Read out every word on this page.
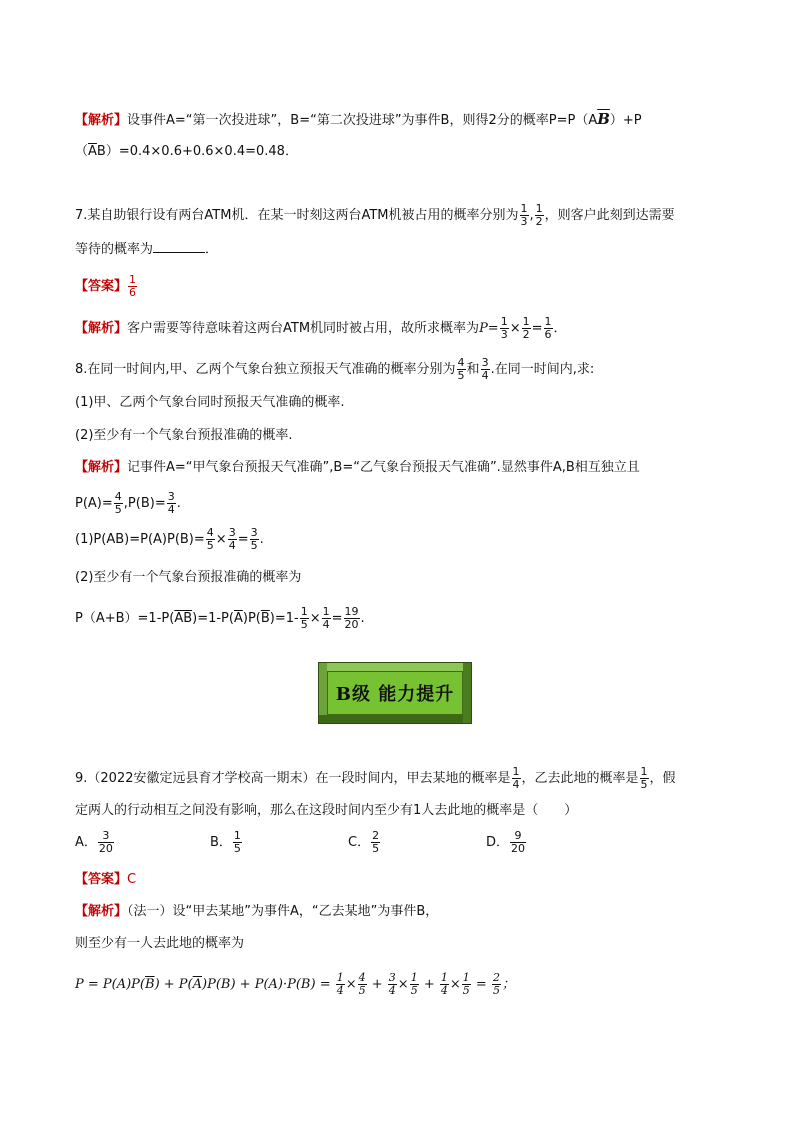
【解析】设事件A=“第一次投进球”，B=“第二次投进球”为事件B，则得2分的概率$P=P(A\overline{B})+P$
$(\overline{A}B)=0.4\times 0.6+0.6\times 0.4=0.48$．
7.某自助银行设有两台ATM机．在某一时刻这两台ATM机被占用的概率分别为 $\frac{1}{3}$ , $\frac{1}{2}$ ，则客户此刻到达需要
等待的概率为	．
【答案】 $\frac{1}{6}$
【解析】客户需要等待意味着这两台ATM机同时被占用，故所求概率为$P= \frac{1}{3} \times \frac{1}{2} = \frac{1}{6}$ ．
8.在同一时间内,甲、乙两个气象台独立预报天气准确的概率分别为 $\frac{4}{5}$ 和 $\frac{3}{4}$ .在同一时间内,求:
(1)甲、乙两个气象台同时预报天气准确的概率.
(2)至少有一个气象台预报准确的概率.
【解析】记事件A=“甲气象台预报天气准确”,B=“乙气象台预报天气准确”.显然事件A,B相互独立且
$P(A)= \frac{4}{5} ,P(B)= \frac{3}{4}$ .
$(1)P(AB)=P(A)P(B)= \frac{4}{5} \times \frac{3}{4} = \frac{3}{5}$ .
(2)至少有一个气象台预报准确的概率为
$P(A+B)=1-P(\overline{AB})=1-P(\overline{A})P(\overline{B})=1- \frac{1}{5} \times \frac{1}{4} = \frac{19}{20}$ .
B级 能力提升
9.（2022安徽定远县育才学校高一期末）在一段时间内，甲去某地的概率是 $\frac{1}{4}$ ，乙去此地的概率是 $\frac{1}{5}$ ，假
定两人的行动相互之间没有影响，那么在这段时间内至少有1人去此地的概率是（　　）
A． $\frac{3}{20}$	B． $\frac{1}{5}$	C． $\frac{2}{5}$	D． $\frac{9}{20}$
【答案】C
【解析】（法一）设“甲去某地”为事件A，“乙去某地”为事件B，
则至少有一人去此地的概率为
$P = P(A)P(\overline{B}) + P(\overline{A})P(B) + P(A)\cdot P(B) = \frac{1}{4} \times \frac{4}{5} + \frac{3}{4} \times \frac{1}{5} + \frac{1}{4} \times \frac{1}{5} = \frac{2}{5}$ ；
